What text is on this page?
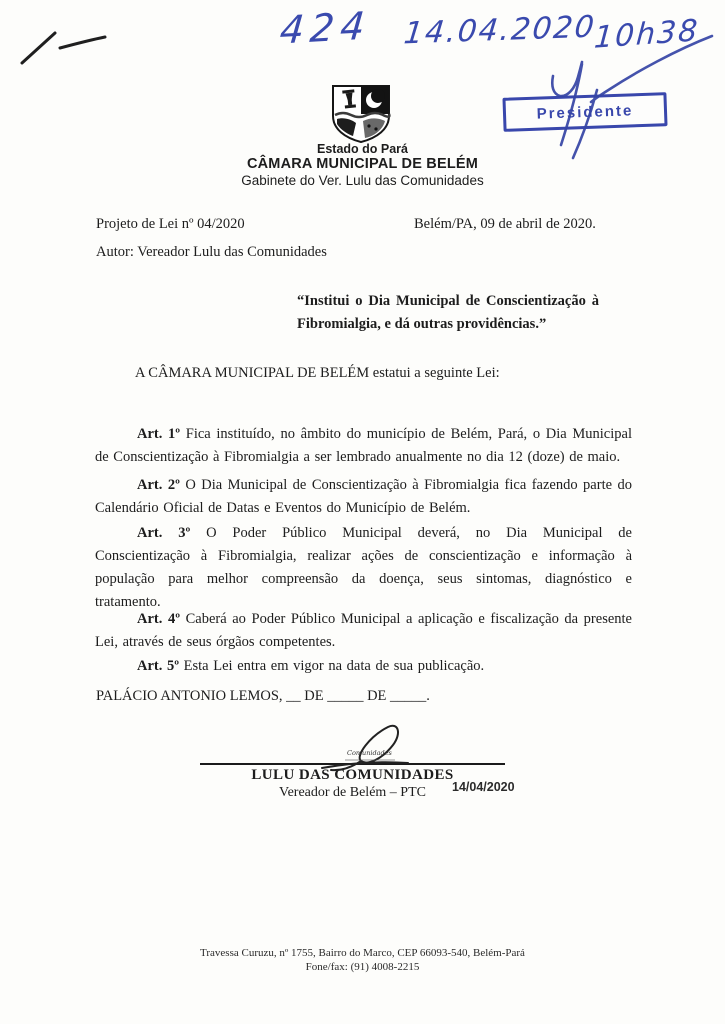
424 14.04.2020
10h38
Presidente
Estado do Pará
CÂMARA MUNICIPAL DE BELÉM
Gabinete do Ver. Lulu das Comunidades
Projeto de Lei nº 04/2020	Belém/PA, 09 de abril de 2020.
Autor: Vereador Lulu das Comunidades
“Institui o Dia Municipal de Conscientização à Fibromialgia, e dá outras providências.”
A CÂMARA MUNICIPAL DE BELÉM estatui a seguinte Lei:

Art. 1º Fica instituído, no âmbito do município de Belém, Pará, o Dia Municipal de Conscientização à Fibromialgia a ser lembrado anualmente no dia 12 (doze) de maio.

Art. 2º O Dia Municipal de Conscientização à Fibromialgia fica fazendo parte do Calendário Oficial de Datas e Eventos do Município de Belém.

Art. 3º O Poder Público Municipal deverá, no Dia Municipal de Conscientização à Fibromialgia, realizar ações de conscientização e informação à população para melhor compreensão da doença, seus sintomas, diagnóstico e tratamento.

Art. 4º Caberá ao Poder Público Municipal a aplicação e fiscalização da presente Lei, através de seus órgãos competentes.

Art. 5º Esta Lei entra em vigor na data de sua publicação.

PALÁCIO ANTONIO LEMOS, __ DE _____ DE _____.
LULU DAS COMUNIDADES
Vereador de Belém – PTC	14/04/2020
Travessa Curuzu, nº 1755, Bairro do Marco, CEP 66093-540, Belém-Pará
Fone/fax: (91) 4008-2215
Comunidades
